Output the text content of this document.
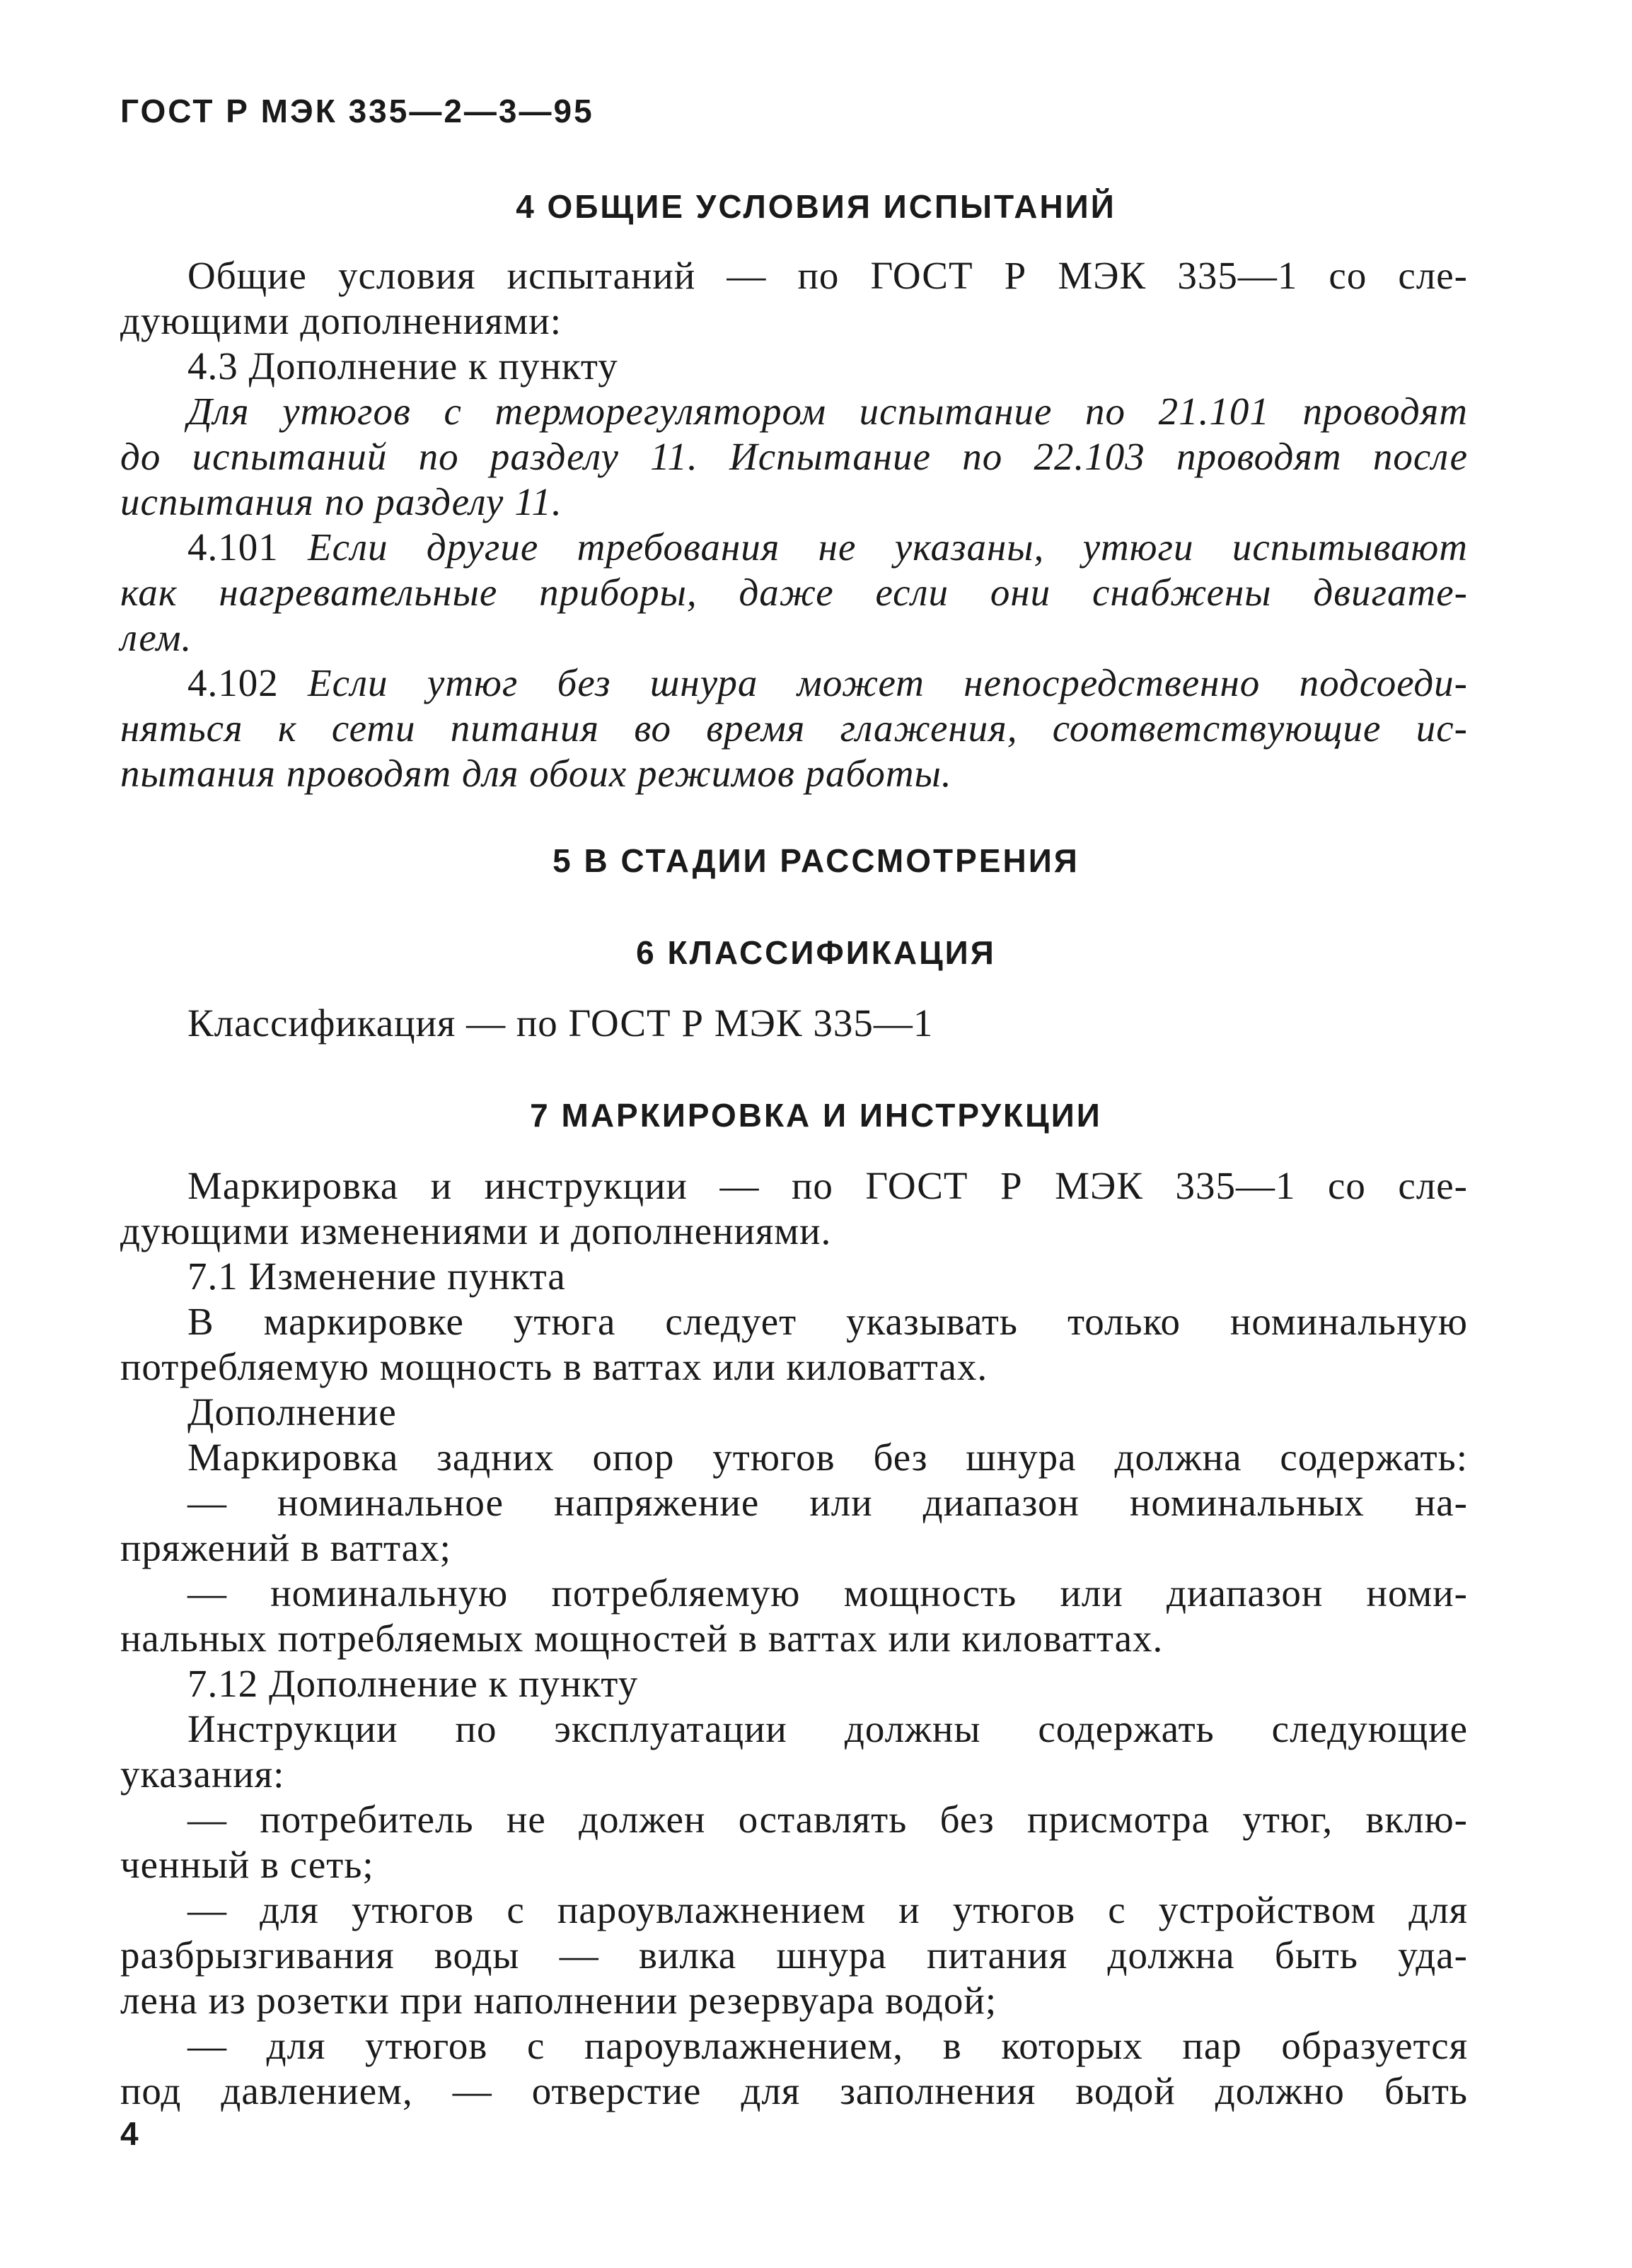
ГОСТ Р МЭК 335—2—3—95
4 ОБЩИЕ УСЛОВИЯ ИСПЫТАНИЙ
Общие условия испытаний — по ГОСТ Р МЭК 335—1 со сле-
дующими дополнениями:
4.3 Дополнение к пункту
Для утюгов с терморегулятором испытание по 21.101 проводят
до испытаний по разделу 11. Испытание по 22.103 проводят после
испытания по разделу 11.
4.101 Если другие требования не указаны, утюги испытывают
как нагревательные приборы, даже если они снабжены двигате-
лем.
4.102 Если утюг без шнура может непосредственно подсоеди-
няться к сети питания во время глажения, соответствующие ис-
пытания проводят для обоих режимов работы.
5 В СТАДИИ РАССМОТРЕНИЯ
6 КЛАССИФИКАЦИЯ
Классификация — по ГОСТ Р МЭК 335—1
7 МАРКИРОВКА И ИНСТРУКЦИИ
Маркировка и инструкции — по ГОСТ Р МЭК 335—1 со сле-
дующими изменениями и дополнениями.
7.1 Изменение пункта
В маркировке утюга следует указывать только номинальную
потребляемую мощность в ваттах или киловаттах.
Дополнение
Маркировка задних опор утюгов без шнура должна содержать:
— номинальное напряжение или диапазон номинальных на-
пряжений в ваттах;
— номинальную потребляемую мощность или диапазон номи-
нальных потребляемых мощностей в ваттах или киловаттах.
7.12 Дополнение к пункту
Инструкции по эксплуатации должны содержать следующие
указания:
— потребитель не должен оставлять без присмотра утюг, вклю-
ченный в сеть;
— для утюгов с пароувлажнением и утюгов с устройством для
разбрызгивания воды — вилка шнура питания должна быть уда-
лена из розетки при наполнении резервуара водой;
— для утюгов с пароувлажнением, в которых пар образуется
под давлением, — отверстие для заполнения водой должно быть
4
